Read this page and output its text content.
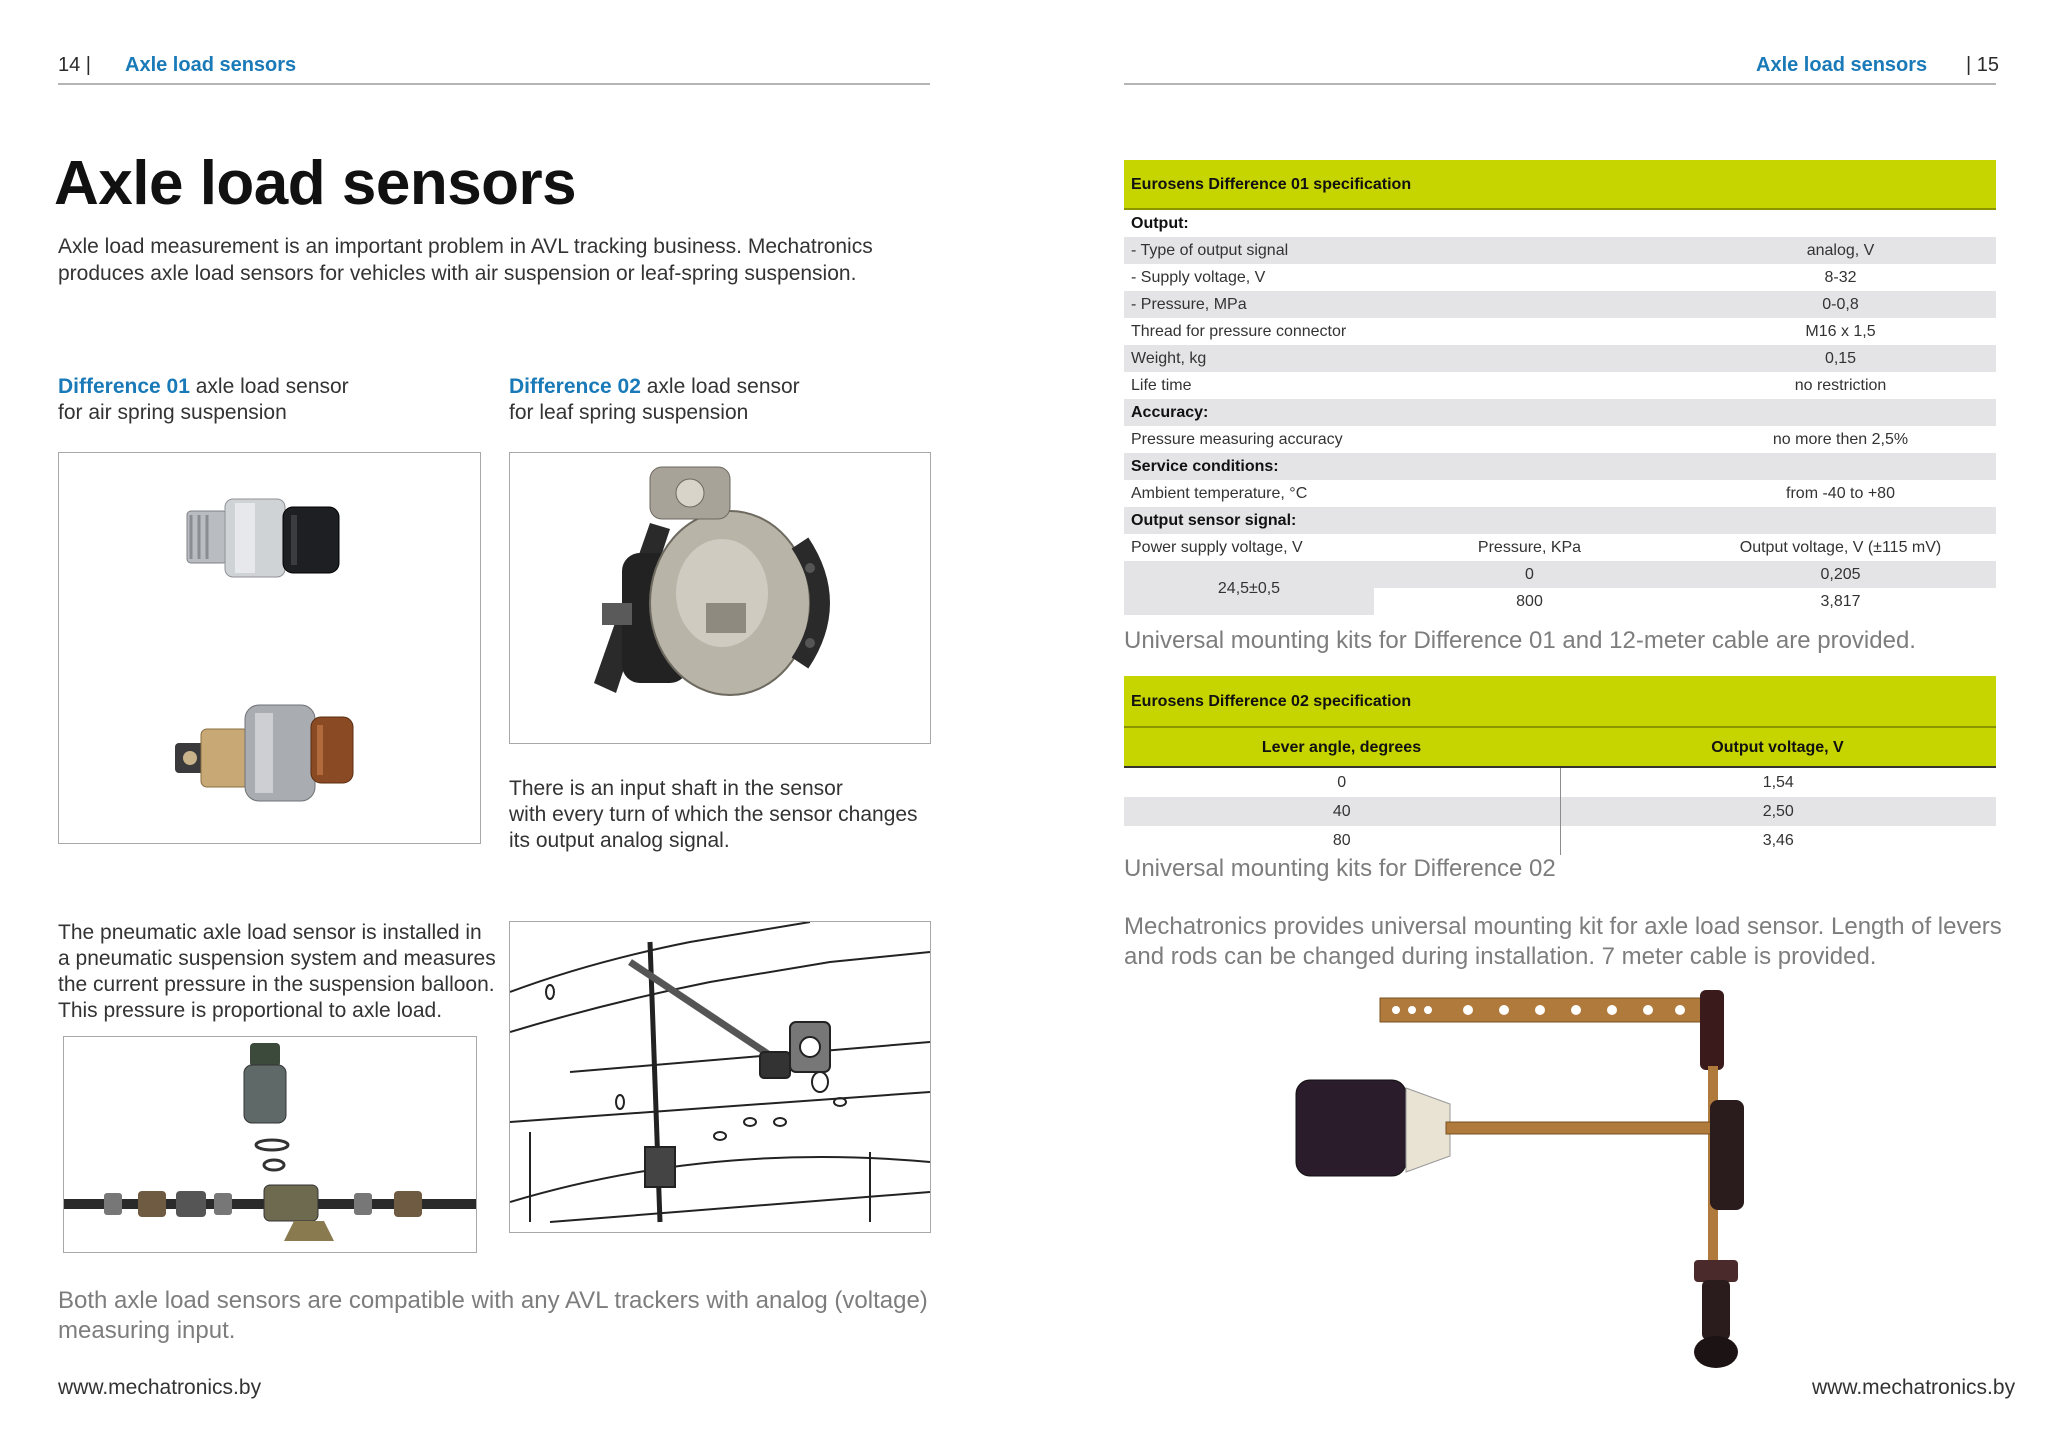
14 | Axle load sensors
Axle load sensors
Axle load measurement is an important problem in AVL tracking business. Mechatronics
produces axle load sensors for vehicles with air suspension or leaf-spring suspension.
Difference 01 axle load sensor
for air spring suspension
Difference 02 axle load sensor
for leaf spring suspension
There is an input shaft in the sensor
with every turn of which the sensor changes
its output analog signal.
The pneumatic axle load sensor is installed in
a pneumatic suspension system and measures
the current pressure in the suspension balloon.
This pressure is proportional to axle load.
Both axle load sensors are compatible with any AVL trackers with analog (voltage)
measuring input.
www.mechatronics.by
Axle load sensors | 15
Eurosens Difference 01 specification		
Output:		
- Type of output signal		analog, V
- Supply voltage, V		8-32
- Pressure, MPa		0-0,8
Thread for pressure connector		M16 x 1,5
Weight, kg		0,15
Life time		no restriction
Accuracy:		
Pressure measuring accuracy		no more then 2,5%
Service conditions:		
Ambient temperature, °C		from -40 to +80
Output sensor signal:		
Power supply voltage, V	Pressure, KPa	Output voltage, V (±115 mV)
24,5±0,5	0	0,205
	800	3,817
Universal mounting kits for Difference 01 and 12-meter cable are provided.
Eurosens Difference 02 specification	
Lever angle, degrees	Output voltage, V
0	1,54
40	2,50
80	3,46
Universal mounting kits for Difference 02
Mechatronics provides universal mounting kit for axle load sensor. Length of levers
and rods can be changed during installation. 7 meter cable is provided.
www.mechatronics.by
